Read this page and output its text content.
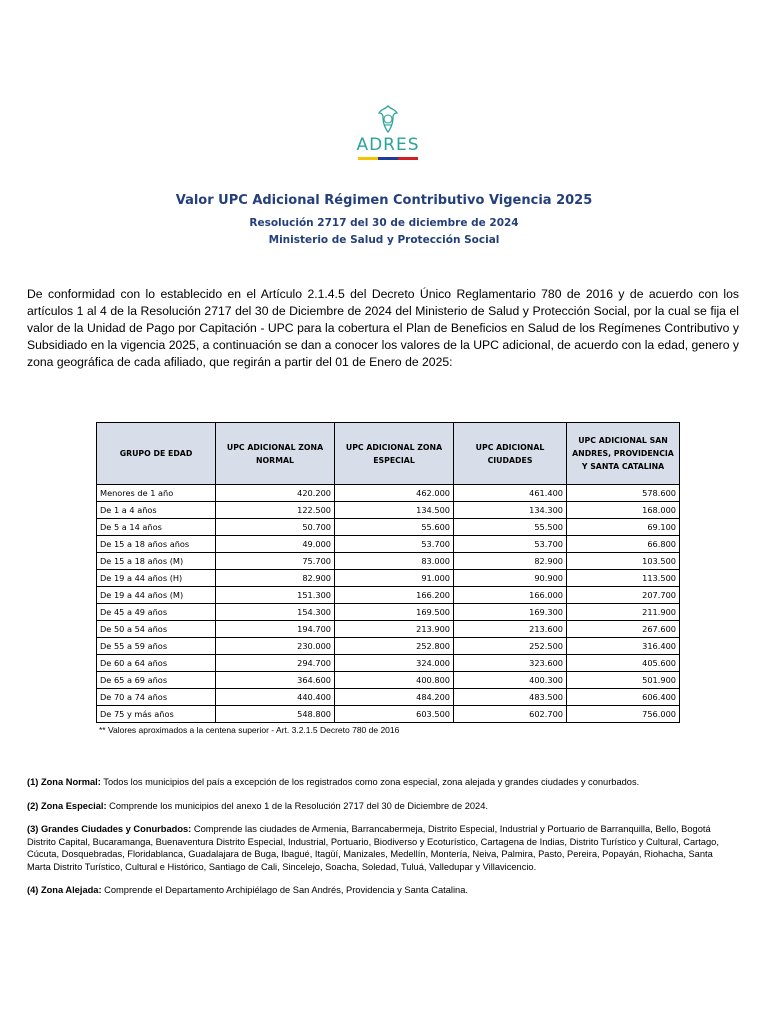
ADRES
Valor UPC Adicional Régimen Contributivo Vigencia 2025
Resolución 2717 del 30 de diciembre de 2024
Ministerio de Salud y Protección Social

De conformidad con lo establecido en el Artículo 2.1.4.5 del Decreto Único Reglamentario 780 de 2016 y de acuerdo con los artículos 1 al 4 de la Resolución 2717 del 30 de Diciembre de 2024 del Ministerio de Salud y Protección Social, por la cual se fija el valor de la Unidad de Pago por Capitación - UPC para la cobertura el Plan de Beneficios en Salud de los Regímenes Contributivo y Subsidiado en la vigencia 2025, a continuación se dan a conocer los valores de la UPC adicional, de acuerdo con la edad, genero y zona geográfica de cada afiliado, que regirán a partir del 01 de Enero de 2025:

GRUPO DE EDAD	UPC ADICIONAL ZONA NORMAL	UPC ADICIONAL ZONA ESPECIAL	UPC ADICIONAL CIUDADES	UPC ADICIONAL SAN ANDRES, PROVIDENCIA Y SANTA CATALINA
Menores de 1 año	420.200	462.000	461.400	578.600
De 1 a 4 años	122.500	134.500	134.300	168.000
De 5 a 14 años	50.700	55.600	55.500	69.100
De 15 a 18 años años	49.000	53.700	53.700	66.800
De 15 a 18 años (M)	75.700	83.000	82.900	103.500
De 19 a 44 años (H)	82.900	91.000	90.900	113.500
De 19 a 44 años (M)	151.300	166.200	166.000	207.700
De 45 a 49 años	154.300	169.500	169.300	211.900
De 50 a 54 años	194.700	213.900	213.600	267.600
De 55 a 59 años	230.000	252.800	252.500	316.400
De 60 a 64 años	294.700	324.000	323.600	405.600
De 65 a 69 años	364.600	400.800	400.300	501.900
De 70 a 74 años	440.400	484.200	483.500	606.400
De 75 y más años	548.800	603.500	602.700	756.000
** Valores aproximados a la centena superior - Art. 3.2.1.5 Decreto 780 de 2016

(1) Zona Normal: Todos los municipios del país a excepción de los registrados como zona especial, zona alejada y grandes ciudades y conurbados.

(2) Zona Especial: Comprende los municipios del anexo 1 de la Resolución 2717 del 30 de Diciembre de 2024.

(3) Grandes Ciudades y Conurbados: Comprende las ciudades de Armenia, Barrancabermeja, Distrito Especial, Industrial y Portuario de Barranquilla, Bello, Bogotá Distrito Capital, Bucaramanga, Buenaventura Distrito Especial, Industrial, Portuario, Biodiverso y Ecoturístico, Cartagena de Indias, Distrito Turístico y Cultural, Cartago, Cúcuta, Dosquebradas, Floridablanca, Guadalajara de Buga, Ibagué, Itagüí, Manizales, Medellín, Montería, Neiva, Palmira, Pasto, Pereira, Popayán, Riohacha, Santa Marta Distrito Turístico, Cultural e Histórico, Santiago de Cali, Sincelejo, Soacha, Soledad, Tuluá, Valledupar y Villavicencio.

(4) Zona Alejada: Comprende el Departamento Archipiélago de San Andrés, Providencia y Santa Catalina.
